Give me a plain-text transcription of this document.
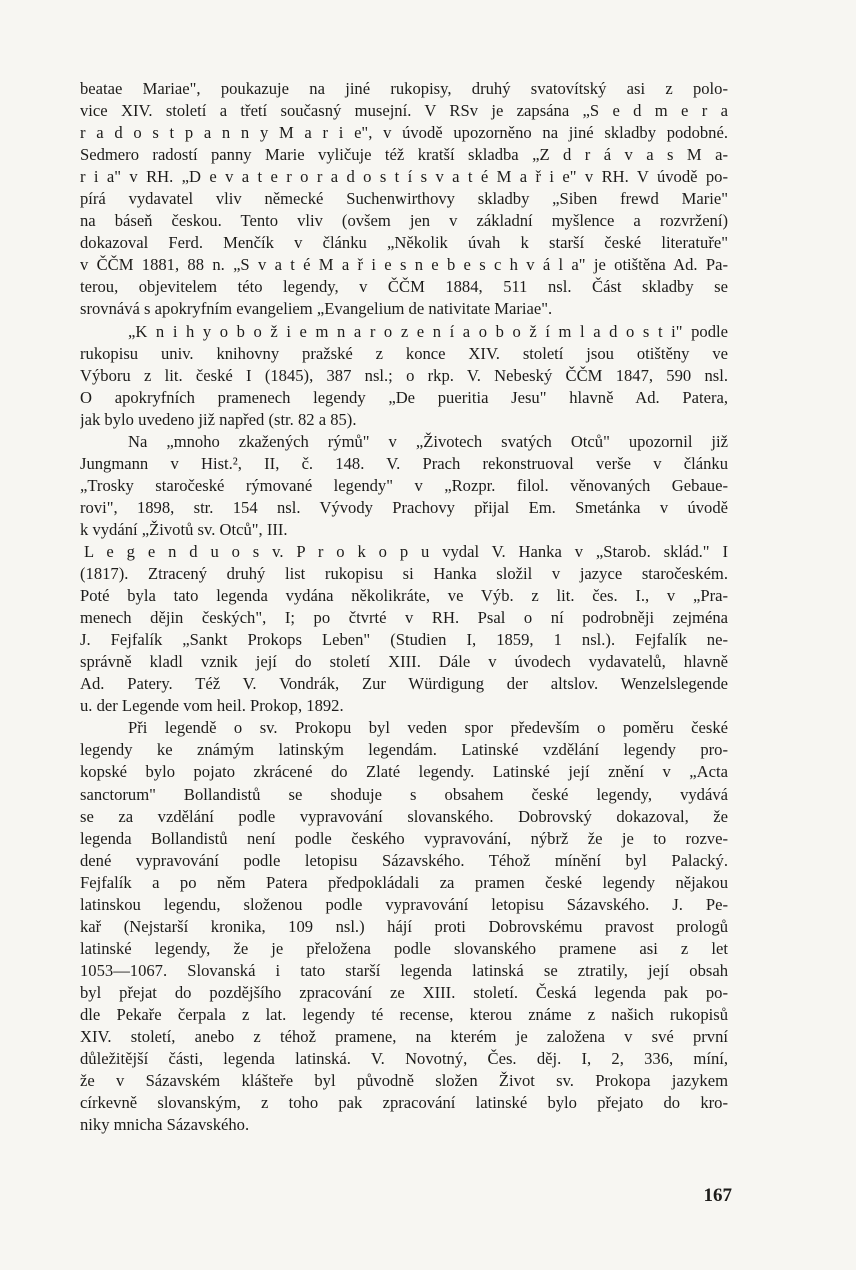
beatae Mariae", poukazuje na jiné rukopisy, druhý svatovítský asi z polo-
vice XIV. století a třetí současný musejní. V RSv je zapsána „S e d m e r a
r a d o s t p a n n y M a r i e", v úvodě upozorněno na jiné skladby podobné.
Sedmero radostí panny Marie vyličuje též kratší skladba „Z d r á v a s M a-
r i a" v RH. „D e v a t e r o r a d o s t í s v a t é M a ř i e" v RH. V úvodě po-
pírá vydavatel vliv německé Suchenwirthovy skladby „Siben frewd Marie"
na báseň českou. Tento vliv (ovšem jen v základní myšlence a rozvržení)
dokazoval Ferd. Menčík v článku „Několik úvah k starší české literatuře"
v ČČM 1881, 88 n. „S v a t é M a ř i e s n e b e s c h v á l a" je otištěna Ad. Pa-
terou, objevitelem této legendy, v ČČM 1884, 511 nsl. Část skladby se
srovnává s apokryfním evangeliem „Evangelium de nativitate Mariae".
„K n i h y o b o ž i e m n a r o z e n í a o b o ž í m l a d o s t i" podle
rukopisu univ. knihovny pražské z konce XIV. století jsou otištěny ve
Výboru z lit. české I (1845), 387 nsl.; o rkp. V. Nebeský ČČM 1847, 590 nsl.
O apokryfních pramenech legendy „De pueritia Jesu" hlavně Ad. Patera,
jak bylo uvedeno již napřed (str. 82 a 85).
Na „mnoho zkažených rýmů" v „Životech svatých Otců" upozornil již
Jungmann v Hist.², II, č. 148. V. Prach rekonstruoval verše v článku
„Trosky staročeské rýmované legendy" v „Rozpr. filol. věnovaných Gebaue-
rovi", 1898, str. 154 nsl. Vývody Prachovy přijal Em. Smetánka v úvodě
k vydání „Životů sv. Otců", III.
L e g e n d u o s v. P r o k o p u vydal V. Hanka v „Starob. sklád." I
(1817). Ztracený druhý list rukopisu si Hanka složil v jazyce staročeském.
Poté byla tato legenda vydána několikráte, ve Výb. z lit. čes. I., v „Pra-
menech dějin českých", I; po čtvrté v RH. Psal o ní podrobněji zejména
J. Fejfalík „Sankt Prokops Leben" (Studien I, 1859, 1 nsl.). Fejfalík ne-
správně kladl vznik její do století XIII. Dále v úvodech vydavatelů, hlavně
Ad. Patery. Též V. Vondrák, Zur Würdigung der altslov. Wenzelslegende
u. der Legende vom heil. Prokop, 1892.
Při legendě o sv. Prokopu byl veden spor především o poměru české
legendy ke známým latinským legendám. Latinské vzdělání legendy pro-
kopské bylo pojato zkrácené do Zlaté legendy. Latinské její znění v „Acta
sanctorum" Bollandistů se shoduje s obsahem české legendy, vydává
se za vzdělání podle vypravování slovanského. Dobrovský dokazoval, že
legenda Bollandistů není podle českého vypravování, nýbrž že je to rozve-
dené vypravování podle letopisu Sázavského. Téhož mínění byl Palacký.
Fejfalík a po něm Patera předpokládali za pramen české legendy nějakou
latinskou legendu, složenou podle vypravování letopisu Sázavského. J. Pe-
kař (Nejstarší kronika, 109 nsl.) hájí proti Dobrovskému pravost prologů
latinské legendy, že je přeložena podle slovanského pramene asi z let
1053—1067. Slovanská i tato starší legenda latinská se ztratily, její obsah
byl přejat do pozdějšího zpracování ze XIII. století. Česká legenda pak po-
dle Pekaře čerpala z lat. legendy té recense, kterou známe z našich rukopisů
XIV. století, anebo z téhož pramene, na kterém je založena v své první
důležitější části, legenda latinská. V. Novotný, Čes. děj. I, 2, 336, míní,
že v Sázavském klášteře byl původně složen Život sv. Prokopa jazykem
církevně slovanským, z toho pak zpracování latinské bylo přejato do kro-
niky mnicha Sázavského.
167
